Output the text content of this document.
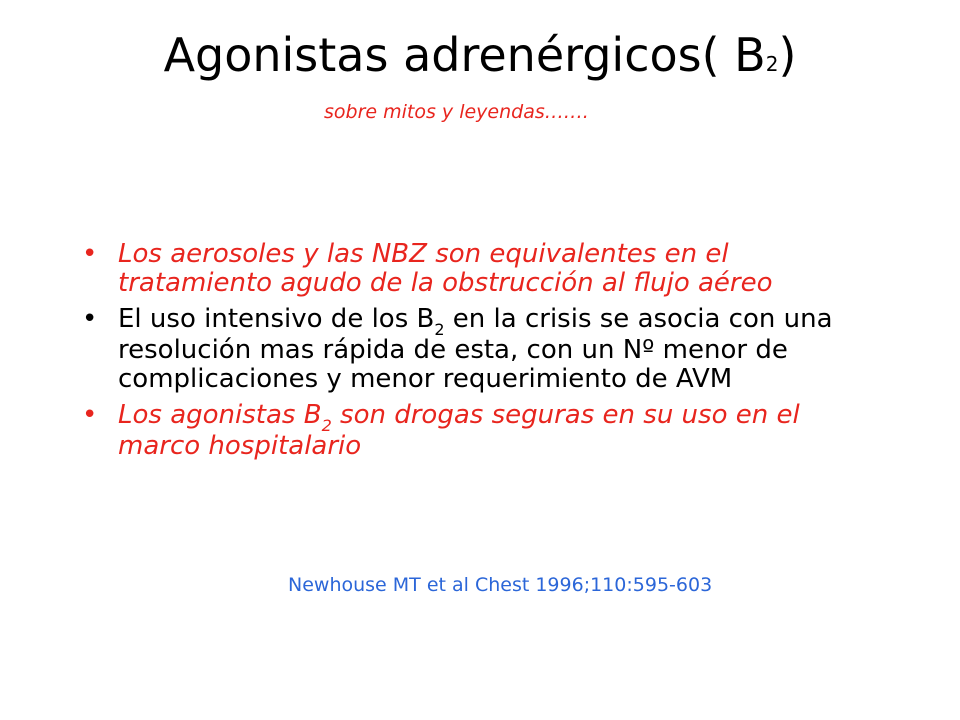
Agonistas adrenérgicos( B2)
sobre mitos y leyendas…….
• Los aerosoles y las NBZ son equivalentes en el tratamiento agudo de la obstrucción al flujo aéreo
• El uso intensivo de los $B_2$ en la crisis se asocia con una resolución mas rápida de esta, con un Nº menor de complicaciones y menor requerimiento de AVM
• Los agonistas $B_2$ son drogas seguras en su uso en el marco hospitalario
Newhouse MT et al Chest 1996;110:595-603
